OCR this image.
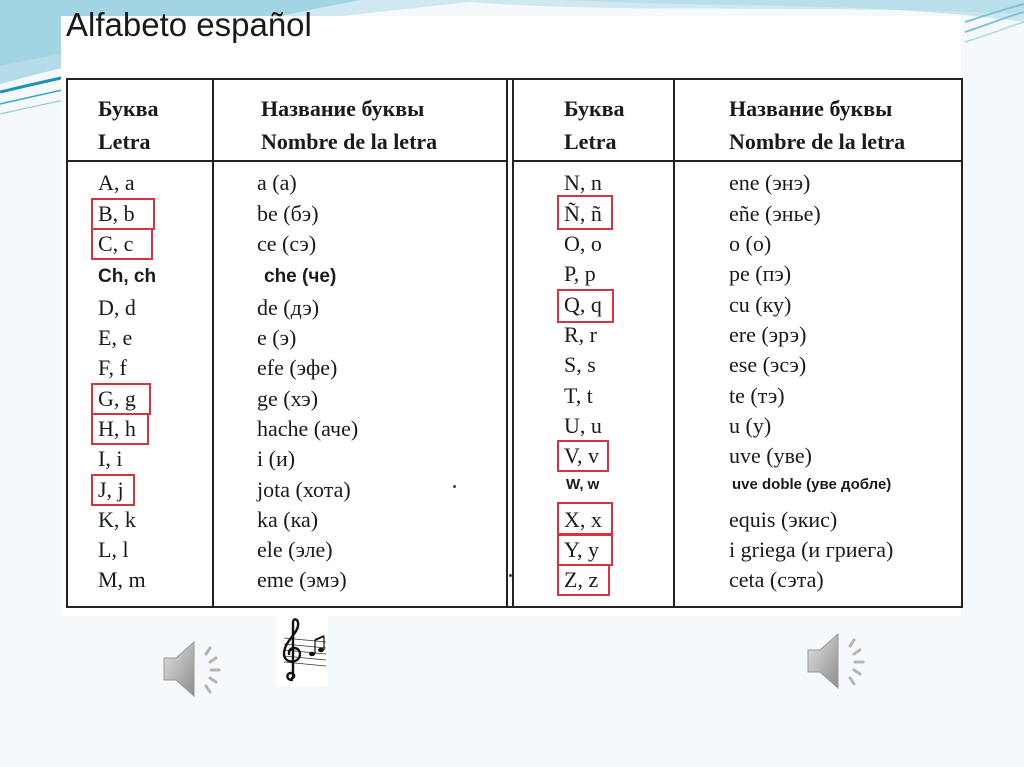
Alfabeto español
Буква
Letra
Название буквы
Nombre de la letra
Буква
Letra
Название буквы
Nombre de la letra
A, a	a (а)
B, b	be (бэ)
C, c	ce (сэ)
Ch, ch	che (че)
D, d	de (дэ)
E, e	e (э)
F, f	efe (эфе)
G, g	ge (хэ)
H, h	hache (аче)
I, i	i (и)
J, j	jota (хота)
K, k	ka (ка)
L, l	ele (эле)
M, m	eme (эмэ)
N, n	ene (энэ)
Ñ, ñ	eñe (энье)
O, o	o (о)
P, p	pe (пэ)
Q, q	cu (ку)
R, r	ere (эрэ)
S, s	ese (эсэ)
T, t	te (тэ)
U, u	u (у)
V, v	uve (уве)
W, w	uve doble (уве добле)
X, x	equis (экис)
Y, y	i griega (и гриега)
Z, z	ceta (сэта)
